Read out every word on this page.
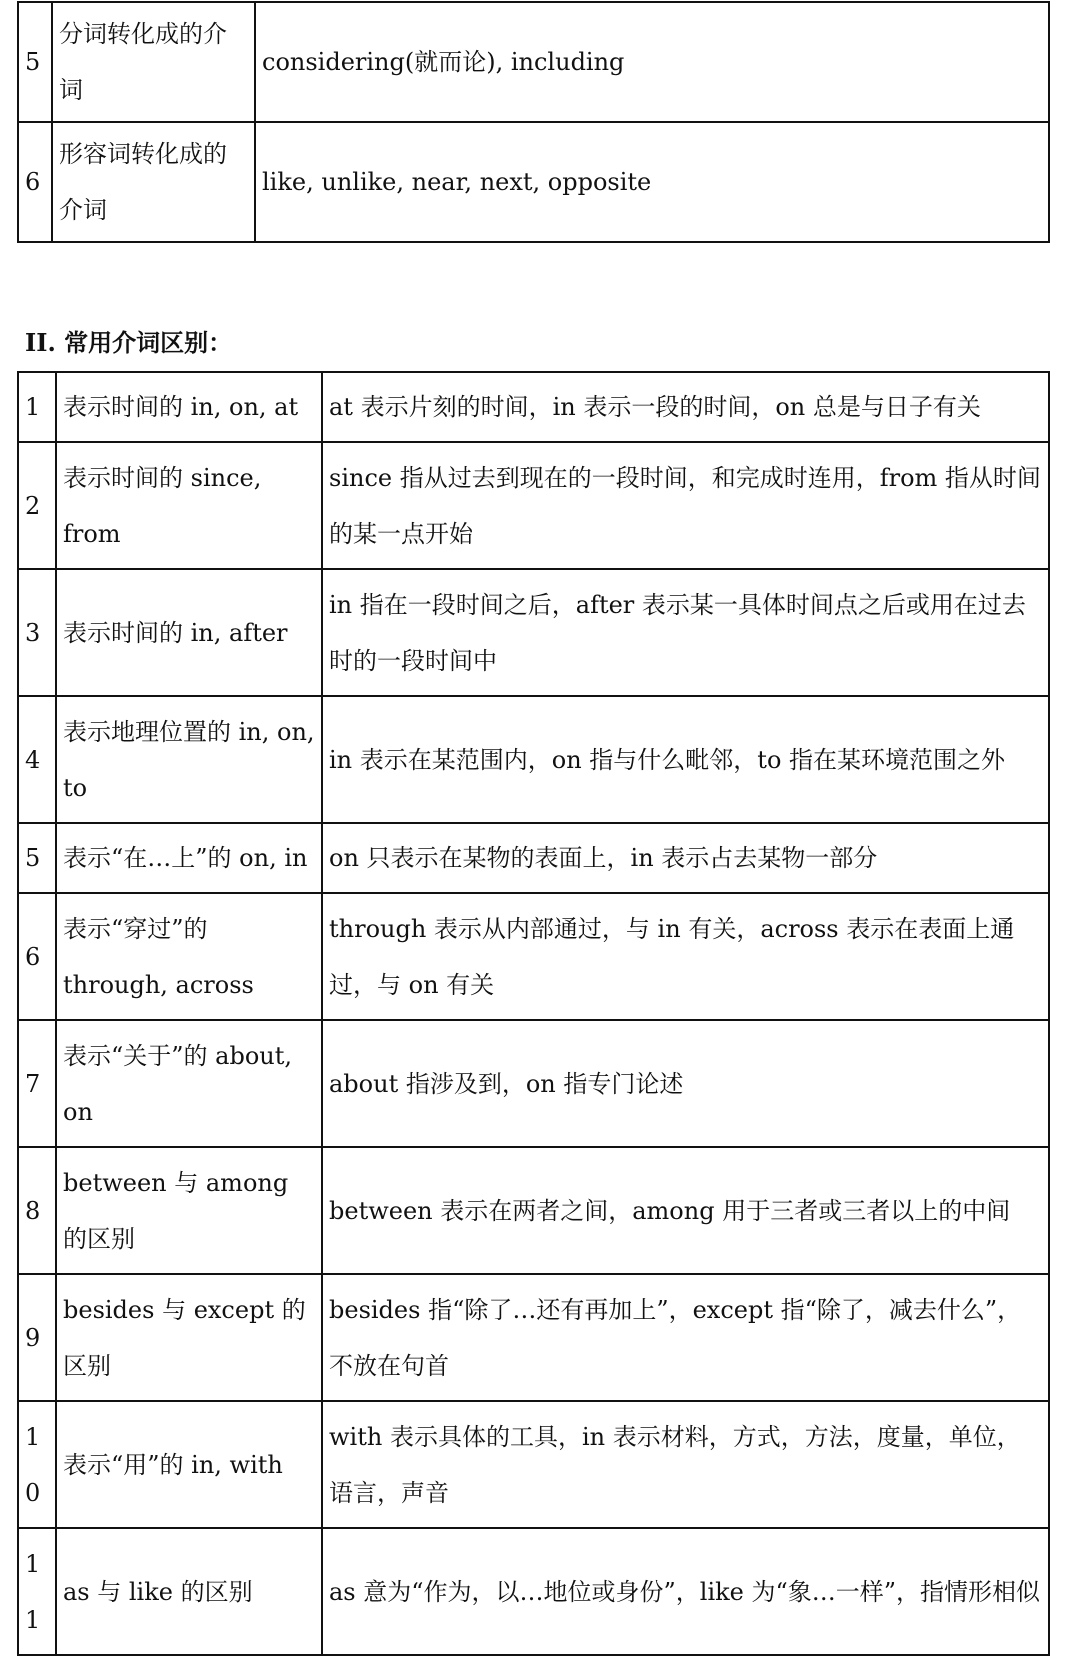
5	分词转化成的介词	considering(就而论), including
6	形容词转化成的介词	like, unlike, near, next, opposite
II. 常用介词区别：
1	表示时间的 in, on, at	at 表示片刻的时间，in 表示一段的时间，on 总是与日子有关
2	表示时间的 since, from	since 指从过去到现在的一段时间，和完成时连用，from 指从时间的某一点开始
3	表示时间的 in, after	in 指在一段时间之后，after 表示某一具体时间点之后或用在过去时的一段时间中
4	表示地理位置的 in, on, to	in 表示在某范围内，on 指与什么毗邻，to 指在某环境范围之外
5	表示“在…上”的 on, in	on 只表示在某物的表面上，in 表示占去某物一部分
6	表示“穿过”的 through, across	through 表示从内部通过，与 in 有关，across 表示在表面上通过，与 on 有关
7	表示“关于”的 about, on	about 指涉及到，on 指专门论述
8	between 与 among 的区别	between 表示在两者之间，among 用于三者或三者以上的中间
9	besides 与 except 的区别	besides 指“除了…还有再加上”，except 指“除了，减去什么”，不放在句首
10	表示“用”的 in, with	with 表示具体的工具，in 表示材料，方式，方法，度量，单位，语言，声音
11	as 与 like 的区别	as 意为“作为，以…地位或身份”，like 为“象…一样”，指情形相似
